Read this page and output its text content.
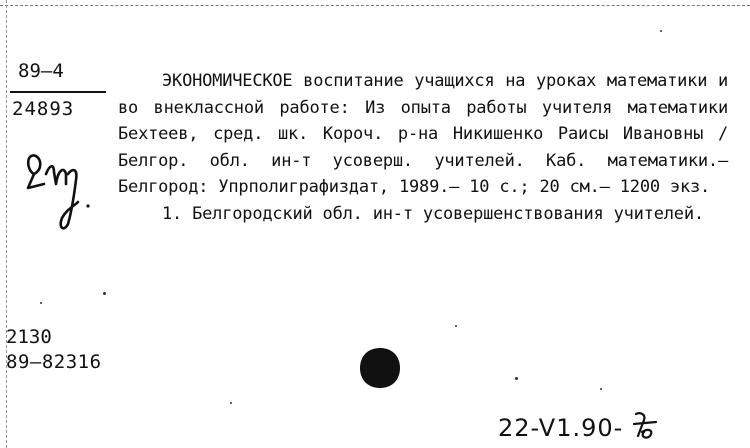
89–4
24893

ЭКОНОМИЧЕСКОЕ воспитание учащихся на уроках математики и во внеклассной работе: Из опыта работы учителя математики Бехтеев, сред. шк. Короч. р-на Никишенко Раисы Ивановны / Белгор. обл. ин-т усоверш. учителей. Каб. математики.– Белгород: Упрполиграфиздат, 1989.– 10 с.; 20 см.– 1200 экз.

1. Белгородский обл. ин-т усовершенствования учителей.

2130
89–82316
22-V1.90-
